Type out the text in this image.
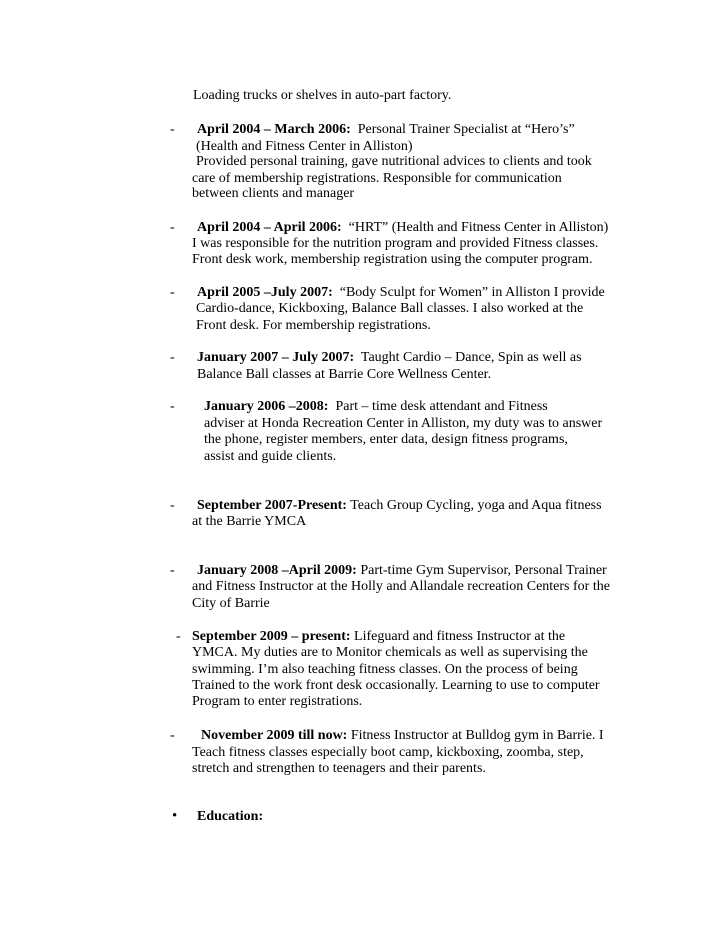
Loading trucks or shelves in auto-part factory.
- April 2004 – March 2006: Personal Trainer Specialist at “Hero’s”
(Health and Fitness Center in Alliston)
Provided personal training, gave nutritional advices to clients and took
care of membership registrations. Responsible for communication
between clients and manager
- April 2004 – April 2006: “HRT” (Health and Fitness Center in Alliston)
I was responsible for the nutrition program and provided Fitness classes.
Front desk work, membership registration using the computer program.
- April 2005 –July 2007: “Body Sculpt for Women” in Alliston I provide
Cardio-dance, Kickboxing, Balance Ball classes. I also worked at the
Front desk. For membership registrations.
- January 2007 – July 2007: Taught Cardio – Dance, Spin as well as
Balance Ball classes at Barrie Core Wellness Center.
- January 2006 –2008: Part – time desk attendant and Fitness
adviser at Honda Recreation Center in Alliston, my duty was to answer
the phone, register members, enter data, design fitness programs,
assist and guide clients.
- September 2007-Present: Teach Group Cycling, yoga and Aqua fitness
at the Barrie YMCA
- January 2008 –April 2009: Part-time Gym Supervisor, Personal Trainer
and Fitness Instructor at the Holly and Allandale recreation Centers for the
City of Barrie
- September 2009 – present: Lifeguard and fitness Instructor at the
YMCA. My duties are to Monitor chemicals as well as supervising the
swimming. I’m also teaching fitness classes. On the process of being
Trained to the work front desk occasionally. Learning to use to computer
Program to enter registrations.
- November 2009 till now: Fitness Instructor at Bulldog gym in Barrie. I
Teach fitness classes especially boot camp, kickboxing, zoomba, step,
stretch and strengthen to teenagers and their parents.
• Education:
